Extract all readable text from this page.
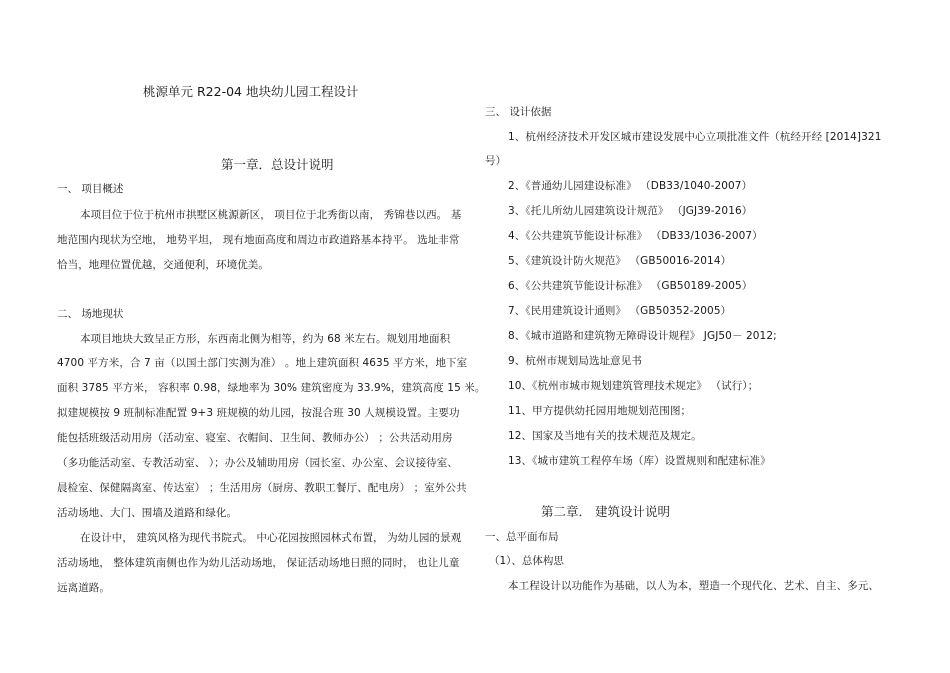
桃源单元 R22-04 地块幼儿园工程设计
第一章．总设计说明
一、 项目概述
本项目位于位于杭州市拱墅区桃源新区， 项目位于北秀街以南， 秀锦巷以西。 基
地范围内现状为空地， 地势平坦， 现有地面高度和周边市政道路基本持平。 选址非常
恰当，地理位置优越，交通便利，环境优美。
二、 场地现状
本项目地块大致呈正方形，东西南北侧为相等，约为 68 米左右。规划用地面积
4700 平方米，合 7 亩（以国土部门实测为准） 。地上建筑面积 4635 平方米，地下室
面积 3785 平方米， 容积率 0.98，绿地率为 30% 建筑密度为 33.9%，建筑高度 15 米。
拟建规模按 9 班制标准配置 9+3 班规模的幼儿园，按混合班 30 人规模设置。主要功
能包括班级活动用房（活动室、寝室、衣帽间、卫生间、教师办公） ；公共活动用房
（多功能活动室、专教活动室、 ）；办公及辅助用房（园长室、办公室、会议接待室、
晨检室、保健隔离室、传达室） ；生活用房（厨房、教职工餐厅、配电房） ；室外公共
活动场地、大门、围墙及道路和绿化。
在设计中， 建筑风格为现代书院式。 中心花园按照园林式布置， 为幼儿园的景观
活动场地， 整体建筑南侧也作为幼儿活动场地， 保证活动场地日照的同时， 也让儿童
远离道路。
三、 设计依据
1、杭州经济技术开发区城市建设发展中心立项批准文件（杭经开经 [2014]321
号）
2、《普通幼儿园建设标准》 （DB33/1040-2007）
3、《托儿所幼儿园建筑设计规范》 （JGJ39-2016）
4、《公共建筑节能设计标准》 （DB33/1036-2007）
5、《建筑设计防火规范》 （GB50016-2014）
6、《公共建筑节能设计标准》 （GB50189-2005）
7、《民用建筑设计通则》 （GB50352-2005）
8、《城市道路和建筑物无障碍设计规程》 JGJ50－ 2012;
9、杭州市规划局选址意见书
10、《杭州市城市规划建筑管理技术规定》 （试行）；
11、甲方提供幼托园用地规划范围图；
12、国家及当地有关的技术规范及规定。
13、《城市建筑工程停车场（库）设置规则和配建标准》
第二章． 建筑设计说明
一、总平面布局
（1）、总体构思
本工程设计以功能作为基础，以人为本，塑造一个现代化、艺术、自主、多元、
